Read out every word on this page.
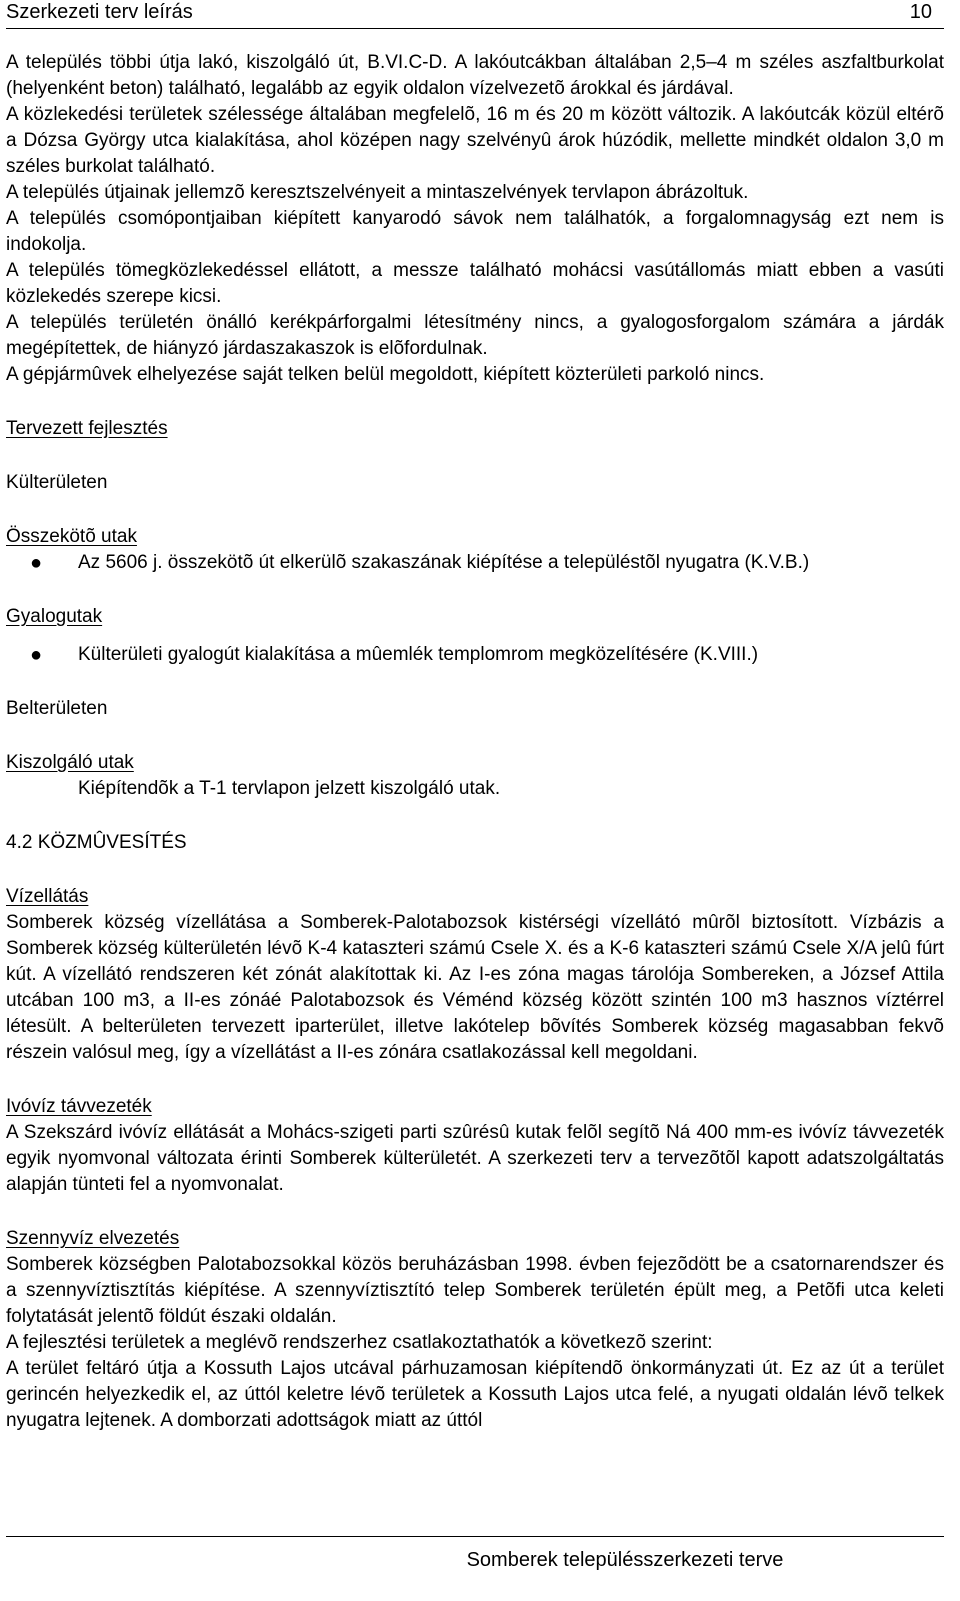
Szerkezeti terv leírás	10

A település többi útja lakó, kiszolgáló út, B.VI.C-D. A lakóutcákban általában 2,5–4 m széles aszfaltburkolat (helyenként beton) található, legalább az egyik oldalon vízelvezetõ árokkal és járdával.

A közlekedési területek szélessége általában megfelelõ, 16 m és 20 m között változik. A lakóutcák közül eltérõ a Dózsa György utca kialakítása, ahol középen nagy szelvényû árok húzódik, mellette mindkét oldalon 3,0 m széles burkolat található.

A település útjainak jellemzõ keresztszelvényeit a mintaszelvények tervlapon ábrázoltuk.

A település csomópontjaiban kiépített kanyarodó sávok nem találhatók, a forgalomnagyság ezt nem is indokolja.

A település tömegközlekedéssel ellátott, a messze található mohácsi vasútállomás miatt ebben a vasúti közlekedés szerepe kicsi.

A település területén önálló kerékpárforgalmi létesítmény nincs, a gyalogosforgalom számára a járdák megépítettek, de hiányzó járdaszakaszok is elõfordulnak.

A gépjármûvek elhelyezése saját telken belül megoldott, kiépített közterületi parkoló nincs.

Tervezett fejlesztés

Külterületen

Összekötõ utak

● Az 5606 j. összekötõ út elkerülõ szakaszának kiépítése a településtõl nyugatra (K.V.B.)

Gyalogutak

● Külterületi gyalogút kialakítása a mûemlék templomrom megközelítésére (K.VIII.)

Belterületen

Kiszolgáló utak

Kiépítendõk a T-1 tervlapon jelzett kiszolgáló utak.

4.2 KÖZMÛVESÍTÉS

Vízellátás

Somberek község vízellátása a Somberek-Palotabozsok kistérségi vízellátó mûrõl biztosított. Vízbázis a Somberek község külterületén lévõ K-4 kataszteri számú Csele X. és a K-6 kataszteri számú Csele X/A jelû fúrt kút. A vízellátó rendszeren két zónát alakítottak ki. Az I-es zóna magas tárolója Sombereken, a József Attila utcában 100 m3, a II-es zónáé Palotabozsok és Véménd község között szintén 100 m3 hasznos víztérrel létesült. A belterületen tervezett iparterület, illetve lakótelep bõvítés Somberek község magasabban fekvõ részein valósul meg, így a vízellátást a II-es zónára csatlakozással kell megoldani.

Ivóvíz távvezeték

A Szekszárd ivóvíz ellátását a Mohács-szigeti parti szûrésû kutak felõl segítõ Ná 400 mm-es ivóvíz távvezeték egyik nyomvonal változata érinti Somberek külterületét. A szerkezeti terv a tervezõtõl kapott adatszolgáltatás alapján tünteti fel a nyomvonalat.

Szennyvíz elvezetés

Somberek községben Palotabozsokkal közös beruházásban 1998. évben fejezõdött be a csatornarendszer és a szennyvíztisztítás kiépítése. A szennyvíztisztító telep Somberek területén épült meg, a Petõfi utca keleti folytatását jelentõ földút északi oldalán.

A fejlesztési területek a meglévõ rendszerhez csatlakoztathatók a következõ szerint:

A terület feltáró útja a Kossuth Lajos utcával párhuzamosan kiépítendõ önkormányzati út. Ez az út a terület gerincén helyezkedik el, az úttól keletre lévõ területek a Kossuth Lajos utca felé, a nyugati oldalán lévõ telkek nyugatra lejtenek. A domborzati adottságok miatt az úttól

Somberek településszerkezeti terve
